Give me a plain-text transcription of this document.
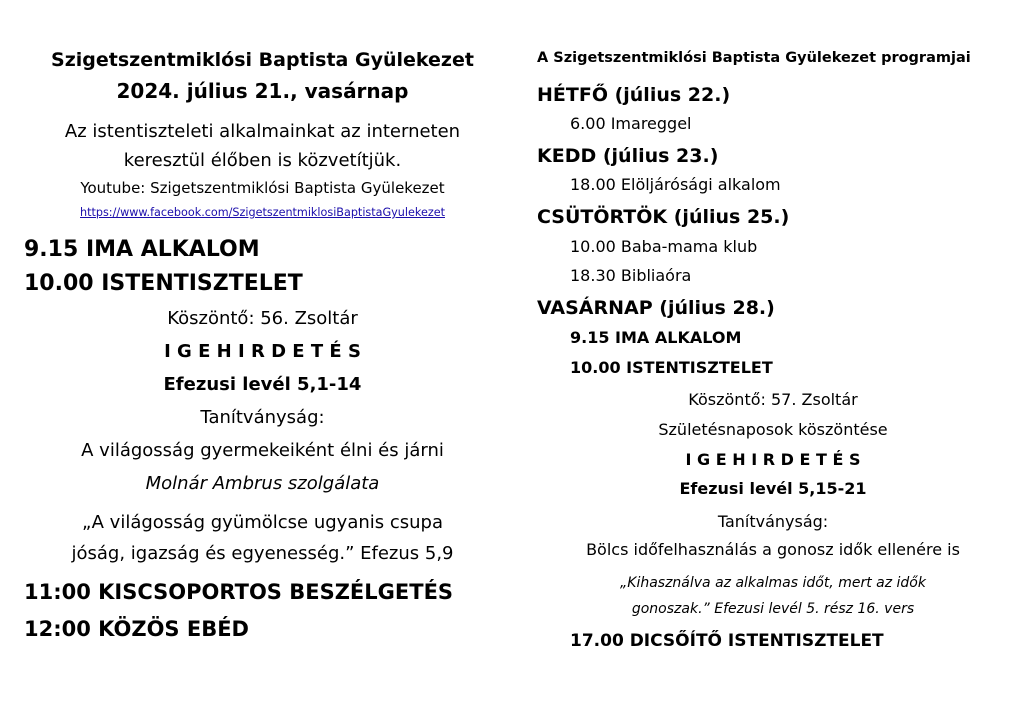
Szigetszentmiklósi Baptista Gyülekezet
2024. július 21., vasárnap
Az istentiszteleti alkalmainkat az interneten
keresztül élőben is közvetítjük.
Youtube: Szigetszentmiklósi Baptista Gyülekezet
https://www.facebook.com/SzigetszentmiklosiBaptistaGyulekezet
9.15 IMA ALKALOM
10.00 ISTENTISZTELET
Köszöntő: 56. Zsoltár
I G E H I R D E T É S
Efezusi levél 5,1-14
Tanítványság:
A világosság gyermekeiként élni és járni
Molnár Ambrus szolgálata
„A világosság gyümölcse ugyanis csupa
jóság, igazság és egyenesség.” Efezus 5,9
11:00 KISCSOPORTOS BESZÉLGETÉS
12:00 KÖZÖS EBÉD
A Szigetszentmiklósi Baptista Gyülekezet programjai
HÉTFŐ (július 22.)
6.00 Imareggel
KEDD (július 23.)
18.00 Elöljárósági alkalom
CSÜTÖRTÖK (július 25.)
10.00 Baba-mama klub
18.30 Bibliaóra
VASÁRNAP (július 28.)
9.15 IMA ALKALOM
10.00 ISTENTISZTELET
Köszöntő: 57. Zsoltár
Születésnaposok köszöntése
I G E H I R D E T É S
Efezusi levél 5,15-21
Tanítványság:
Bölcs időfelhasználás a gonosz idők ellenére is
„Kihasználva az alkalmas időt, mert az idők
gonoszak.” Efezusi levél 5. rész 16. vers
17.00 DICSŐÍTŐ ISTENTISZTELET
